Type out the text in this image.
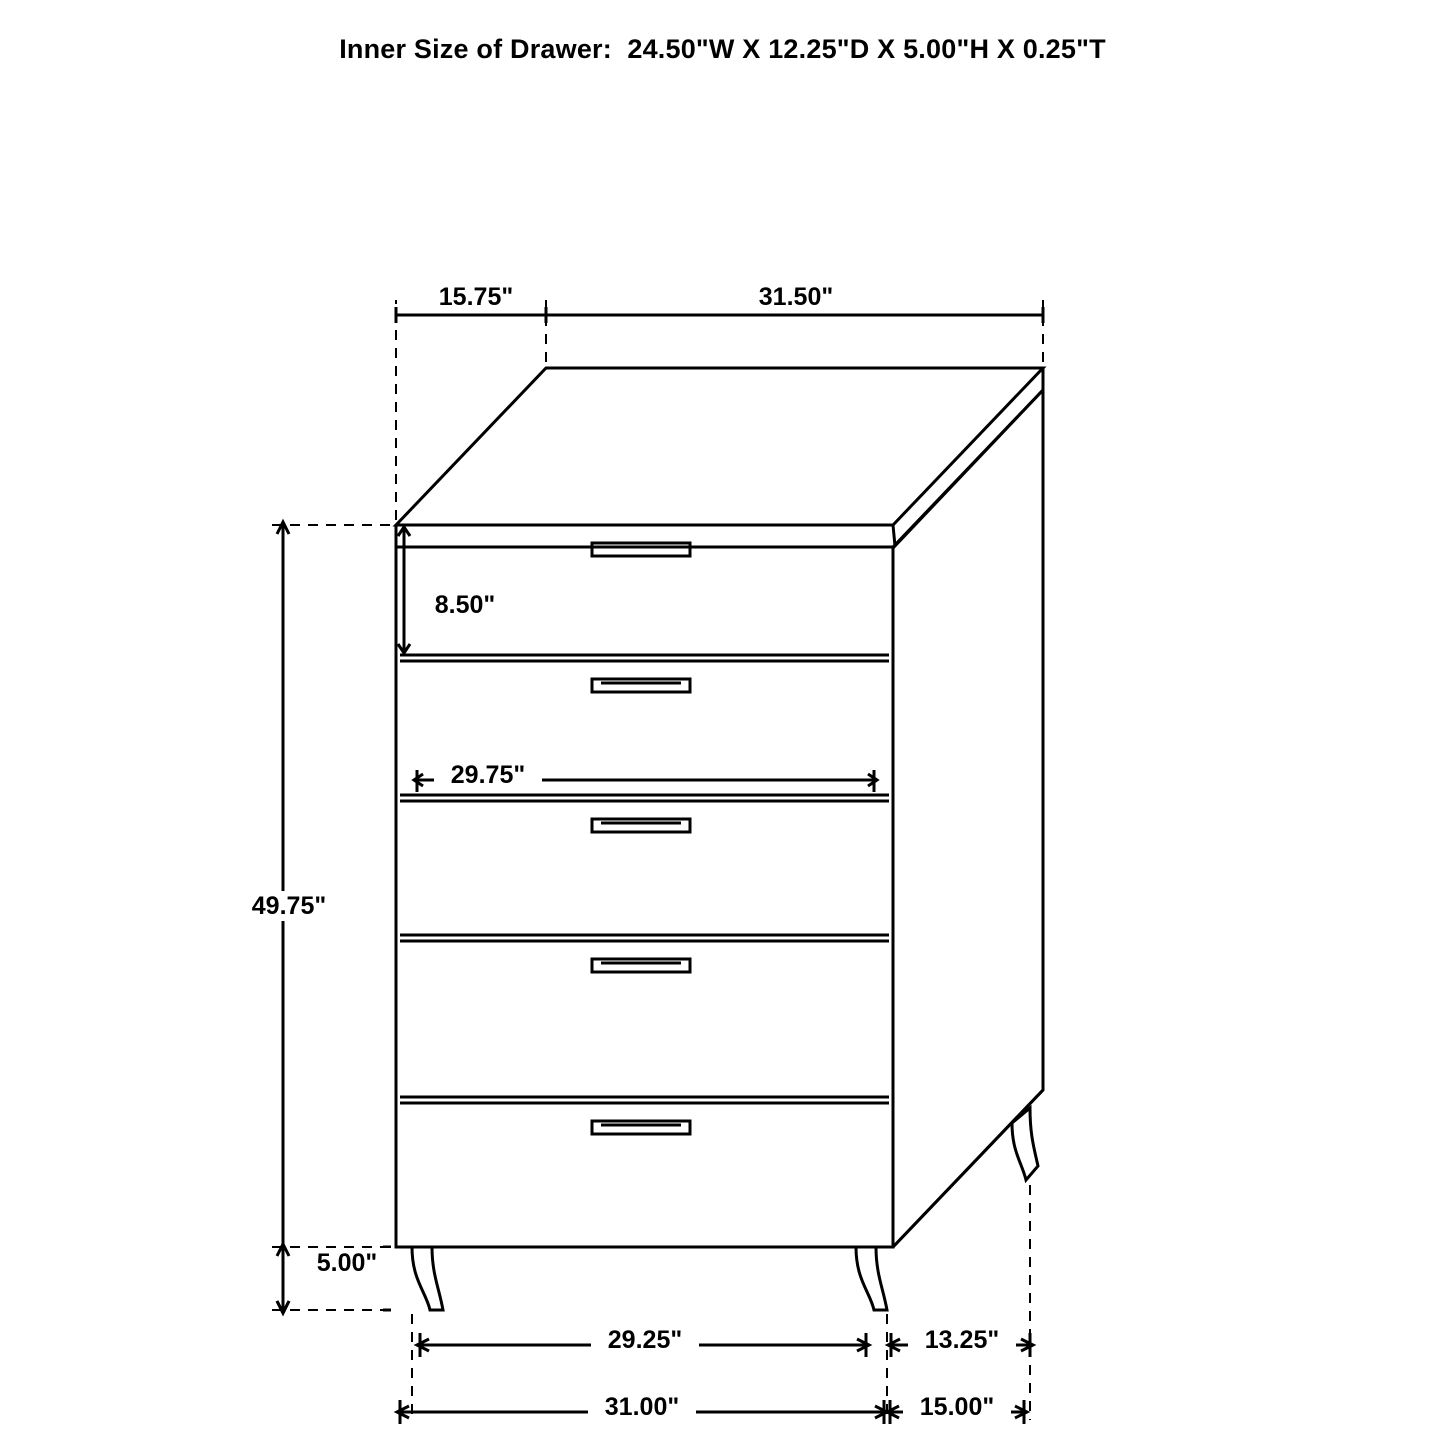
Inner Size of Drawer:  24.50"W X 12.25"D X 5.00"H X 0.25"T
15.75"	31.50"
8.50"
29.75"
49.75"
5.00"
29.25"	13.25"
31.00"	15.00"
